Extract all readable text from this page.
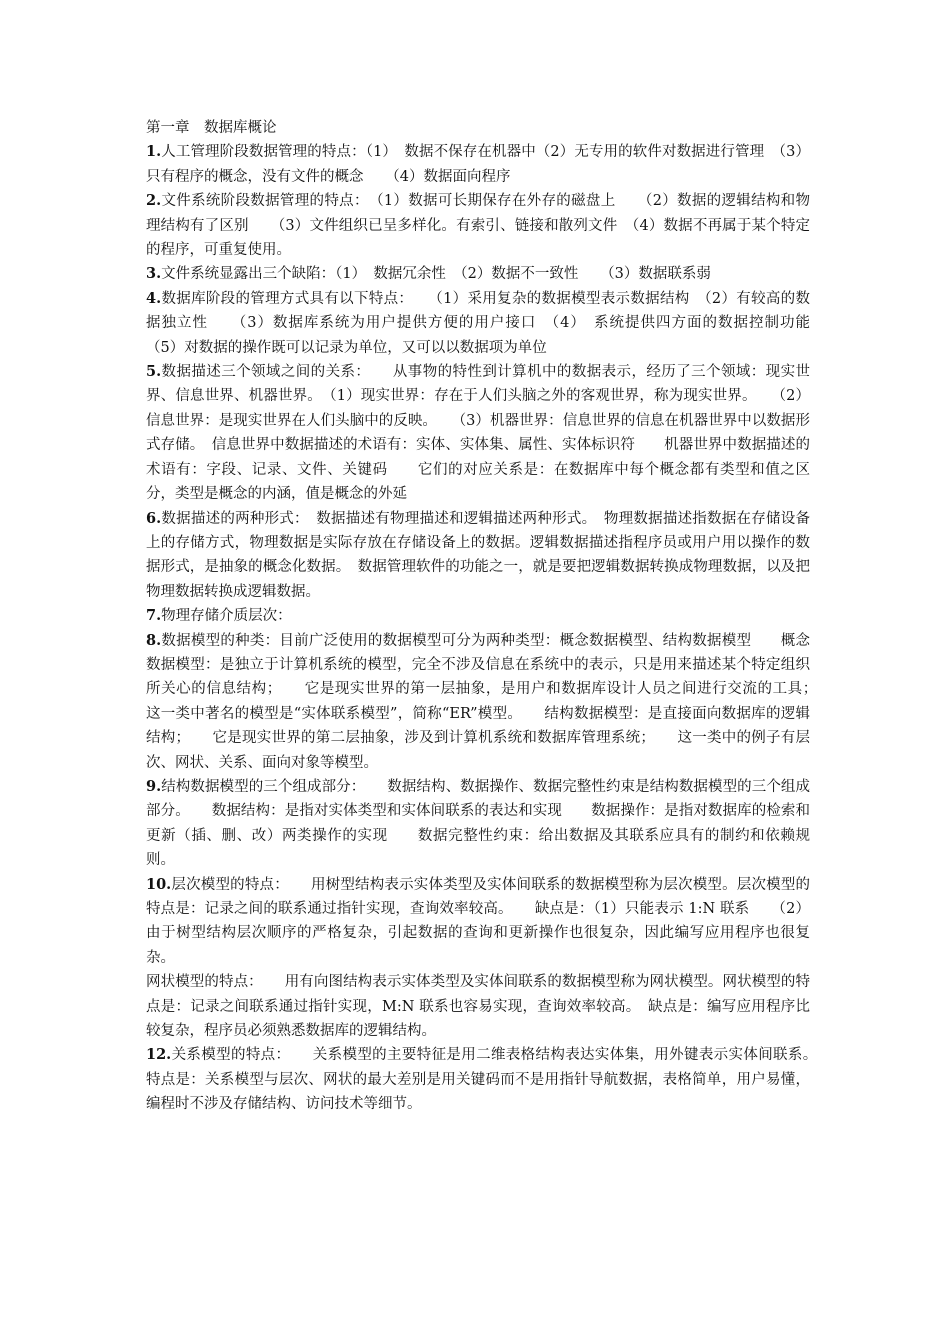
第一章　数据库概论

1.人工管理阶段数据管理的特点：（1）　数据不保存在机器中（2）无专用的软件对数据进行管理　（3）只有程序的概念，没有文件的概念　　（4）数据面向程序

2.文件系统阶段数据管理的特点：　（1）数据可长期保存在外存的磁盘上　　（2）数据的逻辑结构和物理结构有了区别　　（3）文件组织已呈多样化。有索引、链接和散列文件　（4）数据不再属于某个特定的程序，可重复使用。

3.文件系统显露出三个缺陷：（1）　数据冗余性　（2）数据不一致性　　（3）数据联系弱

4.数据库阶段的管理方式具有以下特点：　　（1）采用复杂的数据模型表示数据结构　（2）有较高的数据独立性　　（3）数据库系统为用户提供方便的用户接口　（4）　系统提供四方面的数据控制功能　　（5）对数据的操作既可以记录为单位，又可以以数据项为单位

5.数据描述三个领域之间的关系：　　从事物的特性到计算机中的数据表示，经历了三个领域：现实世界、信息世界、机器世界。　（1）现实世界：存在于人们头脑之外的客观世界，称为现实世界。　　（2）信息世界：是现实世界在人们头脑中的反映。　　（3）机器世界：信息世界的信息在机器世界中以数据形式存储。　信息世界中数据描述的术语有：实体、实体集、属性、实体标识符　　机器世界中数据描述的术语有：字段、记录、文件、关键码　　它们的对应关系是：在数据库中每个概念都有类型和值之区分，类型是概念的内涵，值是概念的外延

6.数据描述的两种形式：　数据描述有物理描述和逻辑描述两种形式。　物理数据描述指数据在存储设备上的存储方式，物理数据是实际存放在存储设备上的数据。逻辑数据描述指程序员或用户用以操作的数据形式，是抽象的概念化数据。　数据管理软件的功能之一，就是要把逻辑数据转换成物理数据，以及把物理数据转换成逻辑数据。

7.物理存储介质层次：

8.数据模型的种类：目前广泛使用的数据模型可分为两种类型：概念数据模型、结构数据模型　　概念数据模型：是独立于计算机系统的模型，完全不涉及信息在系统中的表示，只是用来描述某个特定组织所关心的信息结构；　　它是现实世界的第一层抽象，是用户和数据库设计人员之间进行交流的工具；　　这一类中著名的模型是“实体联系模型”，简称“ER”模型。　　结构数据模型：是直接面向数据库的逻辑结构；　　它是现实世界的第二层抽象，涉及到计算机系统和数据库管理系统；　　这一类中的例子有层次、网状、关系、面向对象等模型。

9.结构数据模型的三个组成部分：　　数据结构、数据操作、数据完整性约束是结构数据模型的三个组成部分。　　数据结构：是指对实体类型和实体间联系的表达和实现　　数据操作：是指对数据库的检索和更新（插、删、改）两类操作的实现　　数据完整性约束：给出数据及其联系应具有的制约和依赖规则。

10.层次模型的特点：　　用树型结构表示实体类型及实体间联系的数据模型称为层次模型。层次模型的特点是：记录之间的联系通过指针实现，查询效率较高。　　缺点是：（1）只能表示 1:N 联系　　（2）由于树型结构层次顺序的严格复杂，引起数据的查询和更新操作也很复杂，因此编写应用程序也很复杂。

网状模型的特点：　　用有向图结构表示实体类型及实体间联系的数据模型称为网状模型。网状模型的特点是：记录之间联系通过指针实现，M:N 联系也容易实现，查询效率较高。　缺点是：编写应用程序比较复杂，程序员必须熟悉数据库的逻辑结构。

12.关系模型的特点：　　关系模型的主要特征是用二维表格结构表达实体集，用外键表示实体间联系。　　特点是：关系模型与层次、网状的最大差别是用关键码而不是用指针导航数据，表格简单，用户易懂，编程时不涉及存储结构、访问技术等细节。
